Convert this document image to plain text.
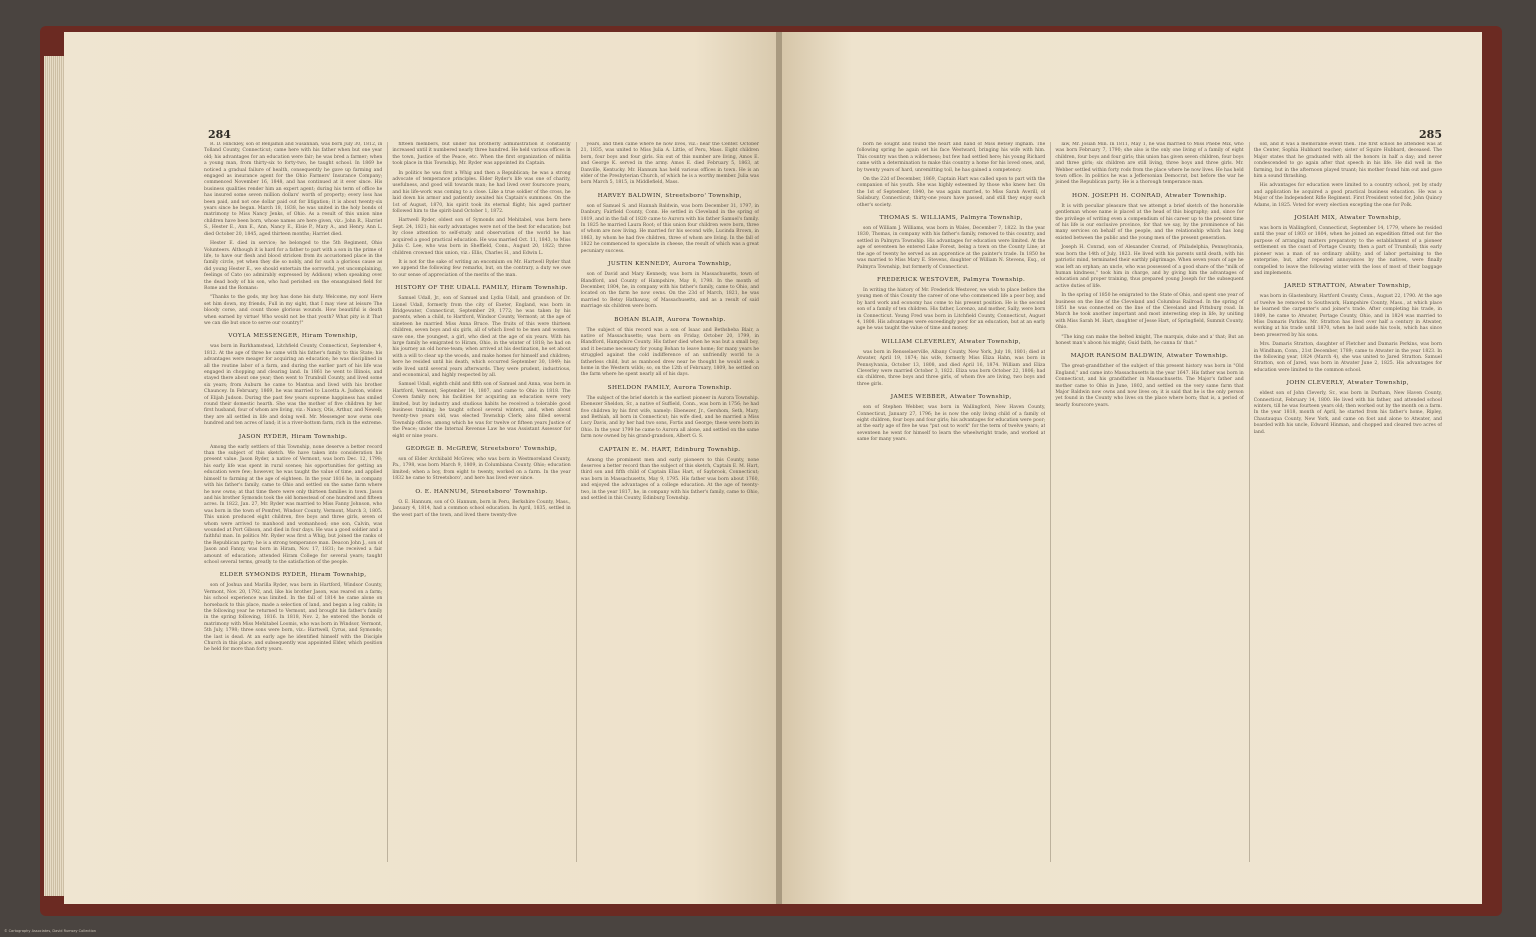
284

R. D. Hinckley, son of Benjamin and Susannah, was born July 30, 1812, in Tolland County, Connecticut; came here with his father when but one year old; his advantages for an education were fair; he was bred a farmer; when a young man, from thirty-six to forty-two, he taught school. In 1869 he noticed a gradual failure of health, consequently he gave up farming and engaged as insurance agent for the Ohio Farmers' Insurance Company; commenced November 16, 1848, and has continued at it ever since. His business qualities render him an expert agent; during his term of office he has insured some seven million dollars' worth of property; every loss has been paid, and not one dollar paid out for litigation; it is about twenty-six years since he began. March 18, 1838, he was united in the holy bonds of matrimony to Miss Nancy Jenks, of Ohio. As a result of this union nine children have been born, whose names are here given, viz.: John R., Harriet S., Hester E., Ann E., Ann, Nancy E., Elsie P., Mary A., and Henry. Ann L. died October 20, 1845, aged thirteen months; Harriet died.

Hester E. died in service; he belonged to the 5th Regiment, Ohio Volunteers. Although it is hard for a father to part with a son in the prime of life, to have our flesh and blood stricken from its accustomed place in the family circle, yet when they die so nobly, and for such a glorious cause as did young Hester E., we should entertain the sorrowful, yet uncomplaining, feelings of Cato (so admirably expressed by Addison) when speaking over the dead body of his son, who had perished on the ensanguined field for Rome and the Romans:

"Thanks to the gods, my boy has done his duty. Welcome, my son! Here set him down, my friends, Full in my sight, that I may view at leisure The bloody corse, and count those glorious wounds. How beautiful is death when earned by virtue! Who would not be that youth? What pity is it That we can die but once to serve our country!"

VOYLA MESSENGER, Hiram Township,

was born in Barkhamstead, Litchfield County, Connecticut, September 4, 1812. At the age of three he came with his father's family to this State; his advantages were meager for acquiring an education; he was disciplined in all the routine labor of a farm, and during the earlier part of his life was engaged in chopping and clearing land. In 1861 he went to Illinois, and stayed there about one year; then went to Trumbull County, and lived some six years; from Auburn he came to Mantua and lived with his brother Chauncey. In February, 1869, he was married to Lucetta A. Judson, widow of Elijah Judson. During the past few years supreme happiness has smiled round their domestic hearth. She was the mother of five children by her first husband, four of whom are living, viz.: Nancy, Otis, Arthur, and Newell; they are all settled in life and doing well. Mr. Messenger now owns one hundred and ten acres of land; it is a river-bottom farm, rich in the extreme.

JASON RYDER, Hiram Township.

Among the early settlers of this Township, none deserve a better record than the subject of this sketch. We have taken into consideration his present value. Jason Ryder, a native of Vermont, was born Dec. 12, 1798; his early life was spent in rural scenes; his opportunities for getting an education were few; however, he was taught the value of time, and applied himself to farming at the age of eighteen. In the year 1816 he, in company with his father's family, came to Ohio and settled on the same farm where he now owns; at that time there were only thirteen families in town. Jason and his brother Symonds took the old homestead of one hundred and fifteen acres. In 1822, Jan. 27, Mr. Ryder was married to Miss Fanny Johnson, who was born in the town of Pomfret, Windsor County, Vermont, March 3, 1805. This union produced eight children, five boys and three girls, seven of whom were arrived to manhood and womanhood; one son, Calvin, was wounded at Port Gibson, and died in four days. He was a good soldier and a faithful man. In politics Mr. Ryder was first a Whig, but joined the ranks of the Republican party; he is a strong temperance man. Deacon John J., son of Jason and Fanny, was born in Hiram, Nov. 17, 1831; he received a fair amount of education; attended Hiram College for several years; taught school several terms, greatly to the satisfaction of the people.

ELDER SYMONDS RYDER, Hiram Township,

son of Joshua and Marilla Ryder, was born in Hartford, Windsor County, Vermont, Nov. 20, 1792, and, like his brother Jason, was reared on a farm; his school experience was limited. In the fall of 1814 he came alone on horseback to this place, made a selection of land, and began a log cabin; in the following year he returned to Vermont, and brought his father's family in the spring following, 1816. In 1818, Nov. 2, he entered the bonds of matrimony with Miss Mehitabel Loomis, who was born in Windsor, Vermont, 5th July, 1798; three sons were born, viz.: Hartwell, Cyrus, and Symonds; the last is dead. At an early age he identified himself with the Disciple Church in this place, and subsequently was appointed Elder, which position he held for more than forty years.

fifteen members, but under his brotherly administration it constantly increased until it numbered nearly three hundred. He held various offices in the town, Justice of the Peace, etc. When the first organization of militia took place in this Township, Mr. Ryder was appointed its Captain.

In politics he was first a Whig and then a Republican; he was a strong advocate of temperance principles. Elder Ryder's life was one of charity, usefulness, and good will towards man; he had lived over fourscore years, and his life-work was coming to a close. Like a true soldier of the cross, he laid down his armor and patiently awaited his Captain's summons. On the 1st of August, 1870, his spirit took its eternal flight; his aged partner followed him to the spirit-land October 1, 1872.

Hartwell Ryder, oldest son of Symonds and Mehitabel, was born here Sept. 24, 1821; his early advantages were not of the best for education; but by close attention to self-study and observation of the world he has acquired a good practical education. He was married Oct. 11, 1843, to Miss Julia C. Lee, who was born in Sheffield, Conn., August 20, 1822; three children crowned this union, viz.: Ellis, Charles H., and Edwin L.

It is not for the sake of writing an encomium on Mr. Hartwell Ryder that we append the following few remarks, but, on the contrary, a duty we owe to our sense of appreciation of the merits of the man.

HISTORY OF THE UDALL FAMILY, Hiram Township.

Samuel Udall, Jr., son of Samuel and Lydia Udall, and grandson of Dr. Lionel Udall, formerly from the city of Exeter, England, was born in Bridgewater, Connecticut, September 29, 1772; he was taken by his parents, when a child, to Hartford, Windsor County, Vermont; at the age of nineteen he married Miss Anna Bruce. The fruits of this were thirteen children, seven boys and six girls, all of which lived to be men and women, save one, the youngest, a girl, who died at the age of six years. With his large family he emigrated to Hiram, Ohio, in the winter of 1818; he had on his journey an old horse-team; when arrived at his destination, he set about with a will to clear up the woods, and make homes for himself and children; here he resided until his death, which occurred September 30, 1849; his wife lived until several years afterwards. They were prudent, industrious, and economical, and highly respected by all.

Samuel Udall, eighth child and fifth son of Samuel and Anna, was born in Hartford, Vermont, September 14, 1807, and came to Ohio in 1818. The Cowen family now, his facilities for acquiring an education were very limited, but by industry and studious habits he received a tolerable good business training; he taught school several winters, and, when about twenty-two years old, was elected Township Clerk; also filled several Township offices, among which he was for twelve or fifteen years Justice of the Peace; under the Internal Revenue Law he was Assistant Assessor for eight or nine years.

GEORGE B. McGREW, Streetsboro' Township,

son of Elder Archibald McGrew, who was born in Westmoreland County, Pa., 1798, was born March 9, 1809, in Columbiana County, Ohio; education limited; when a boy, from eight to twenty, worked on a farm. In the year 1832 he came to Streetsboro', and here has lived ever since.

O. E. HANNUM, Streetsboro' Township.

O. E. Hannum, son of O. Hannum, born in Peru, Berkshire County, Mass., January 4, 1814, had a common school education. In April, 1835, settled in the west part of the town, and lived there twenty-five

years, and then came where he now lives, viz.: near the Center. October 21, 1835, was united to Miss Julia A. Little, of Peru, Mass. Eight children born, four boys and four girls. Six out of this number are living, Amos E. and George K. served in the army. Amos E. died February 5, 1863, at Danville, Kentucky. Mr. Hannum has held various offices in town. He is an elder of the Presbyterian Church, of which he is a worthy member. Julia was born March 5, 1815, in Middlefield, Mass.

HARVEY BALDWIN, Streetsboro' Township,

son of Samuel S. and Hannah Baldwin, was born December 31, 1797, in Danbury, Fairfield County, Conn. He settled in Cleveland in the spring of 1819, and in the fall of 1820 came to Aurora with his father Samuel's family. In 1825 he married Laura Root; of this union four children were born, three of whom are now living. He married for his second wife, Lucinda Brown, in 1863, by whom he had five children, three of whom are living. In the fall of 1822 he commenced to speculate in cheese, the result of which was a great pecuniary success.

JUSTIN KENNEDY, Aurora Township,

son of David and Mary Kennedy, was born in Massachusetts, town of Blandford, and County of Hampshire, May 8, 1798. In the month of December, 1804, he, in company with his father's family, came to Ohio, and located on the farm he now owns. On the 23d of March, 1821, he was married to Betsy Hathaway, of Massachusetts, and as a result of said marriage six children were born.

BOHAN BLAIR, Aurora Township.

The subject of this record was a son of Isaac and Bethsheba Blair, a native of Massachusetts; was born on Friday, October 20, 1799, in Blandford, Hampshire County. His father died when he was but a small boy, and it became necessary for young Bohan to leave home; for many years he struggled against the cold indifference of an unfriendly world to a fatherless child, but as manhood drew near he thought he would seek a home in the Western wilds; so, on the 12th of February, 1809, he settled on the farm where he spent nearly all of his days.

SHELDON FAMILY, Aurora Township.

The subject of the brief sketch is the earliest pioneer in Aurora Township. Ebenezer Sheldon, Sr., a native of Suffield, Conn., was born in 1756; he had five children by his first wife, namely: Ebenezer, Jr., Gershom, Seth, Mary, and Bethiah, all born in Connecticut; his wife died, and he married a Miss Lucy Davis, and by her had two sons, Fortis and George; these were born in Ohio. In the year 1799 he came to Aurora all alone, and settled on the same farm now owned by his grand-grandson, Albert G. S.

CAPTAIN E. M. HART, Edinburg Township.

Among the prominent men and early pioneers to this County, none deserves a better record than the subject of this sketch, Captain E. M. Hart, third son and fifth child of Captain Elias Hart, of Saybrook, Connecticut; was born in Massachusetts, May 9, 1795. His father was born about 1760, and enjoyed the advantages of a college education. At the age of twenty-two, in the year 1817, he, in company with his father's family, came to Ohio, and settled in this County, Edinburg Township.

285

born he sought and found the heart and hand of Miss Betsey Ingham. The following spring he again set his face Westward, bringing his wife with him. This country was then a wilderness; but few had settled here; his young Richard came with a determination to make this country a home for his loved ones, and, by twenty years of hard, unremitting toil, he has gained a competency.

On the 22d of December, 1869, Captain Hart was called upon to part with the companion of his youth. She was highly esteemed by those who knew her. On the 1st of September, 1840, he was again married, to Miss Sarah Averill, of Salisbury, Connecticut; thirty-one years have passed, and still they enjoy each other's society.

THOMAS S. WILLIAMS, Palmyra Township,

son of William J. Williams, was born in Wales, December 7, 1822. In the year 1830, Thomas, in company with his father's family, removed to this country, and settled in Palmyra Township. His advantages for education were limited. At the age of seventeen he entered Lake Forest, being a town on the County Line; at the age of twenty he served as an apprentice at the painter's trade. In 1850 he was married to Miss Mary E. Stevens, daughter of William N. Stevens, Esq., of Palmyra Township, but formerly of Connecticut.

FREDERICK WESTOVER, Palmyra Township.

In writing the history of Mr. Frederick Westover, we wish to place before the young men of this County the career of one who commenced life a poor boy, and by hard work and economy has come to his present position. He is the second son of a family of ten children. His father, Lorenzo, and mother, Sally, were born in Connecticut. Young Fred was born in Litchfield County, Connecticut, August 4, 1808. His advantages were exceedingly poor for an education, but at an early age he was taught the value of time and money.

WILLIAM CLEVERLEY, Atwater Township,

was born in Rensselaerville, Albany County, New York, July 18, 1801; died at Atwater, April 19, 1874; his wife, formerly Miss Eliza Hahn, was born in Pennsylvania, October 13, 1808, and died April 16, 1874. William and Eliza Cleverley were married October 3, 1822. Eliza was born October 22, 1806; had six children, three boys and three girls, of whom five are living, two boys and three girls.

JAMES WEBBER, Atwater Township,

son of Stephen Webber, was born in Wallingford, New Haven County, Connecticut, January 27, 1796; he is now the only living child of a family of eight children, four boys and four girls; his advantages for education were poor; at the early age of five he was "put out to work" for the term of twelve years; at seventeen he went for himself to learn the wheelwright trade, and worked at same for many years.

law, Mr. Josiah Min. In 1811, May 1, he was married to Miss Phebe Mix, who was born February 7, 1790; she also is the only one living of a family of eight children, four boys and four girls; this union has given seven children, four boys and three girls; six children are still living, three boys and three girls. Mr. Webber settled within forty rods from the place where he now lives. He has held town office. In politics he was a Jeffersonian Democrat, but before the war he joined the Republican party. He is a thorough temperance man.

HON. JOSEPH H. CONRAD, Atwater Township.

It is with peculiar pleasure that we attempt a brief sketch of the honorable gentleman whose name is placed at the head of this biography; and, since for the privilege of writing even a compendium of his career up to the present time of his life is our exclusive province, for that we say, by the prominence of his many services on behalf of the people, and the relationship which has long existed between the public and the young men of the present generation.

Joseph H. Conrad, son of Alexander Conrad, of Philadelphia, Pennsylvania, was born the 14th of July, 1823. He lived with his parents until death, with his patriotic mind, terminated their earthly pilgrimage. When seven years of age he was left an orphan; an uncle, who was possessed of a good share of the "milk of human kindness," took him in charge, and by giving him the advantages of education and proper training, thus prepared young Joseph for the subsequent active duties of life.

In the spring of 1850 he emigrated to the State of Ohio, and spent one year of business on the line of the Cleveland and Columbus Railroad. In the spring of 1851 he was connected on the line of the Cleveland and Pittsburg road. In March he took another important and most interesting step in life, by uniting with Miss Sarah M. Hart, daughter of Jesse Hart, of Springfield, Summit County, Ohio.

"The king can make the belted knight, The marquis, duke and a' that; But an honest man's aboon his might; Guid faith, he canna fa' that."

MAJOR RANSOM BALDWIN, Atwater Township.

The great-grandfather of the subject of this present history was born in "Old England," and came into Massachusetts in the year 1647. His father was born in Connecticut, and his grandfather in Massachusetts. The Major's father and mother came to Ohio in June, 1802, and settled on the very same farm that Major Baldwin now owns and now lives on; it is said that he is the only person yet found in the County who lives on the place where born; that is, a period of nearly fourscore years.

old, and it was a memorable event then. The first school he attended was at the Center, Sophia Hubbard teacher; sister of Squire Hubbard, deceased. The Major states that he graduated with all the honors in half a day; and never condescended to go again after that speech in his life. He did well in the farming, but in the afternoon played truant; his mother found him out and gave him a sound thrashing.

His advantages for education were limited to a country school, yet by study and application he acquired a good practical business education. He was a Major of the Independent Rifle Regiment. First President voted for, John Quincy Adams, in 1825. Voted for every election excepting the one for Polk.

JOSIAH MIX, Atwater Township,

was born in Wallingford, Connecticut, September 14, 1779, where he resided until the year of 1803 or 1804, when he joined an expedition fitted out for the purpose of arranging matters preparatory to the establishment of a pioneer settlement on the coast of Portage County, then a part of Trumbull; this early pioneer was a man of no ordinary ability; and of labor pertaining to the enterprise, but, after repeated annoyances by the natives, were finally compelled to leave the following winter with the loss of most of their baggage and implements.

JARED STRATTON, Atwater Township,

was born in Glastenbury, Hartford County, Conn., August 22, 1790. At the age of twelve he removed to Southwark, Hampshire County, Mass., at which place he learned the carpenter's and joiner's trade. After completing his trade, in 1809, he came to Atwater, Portage County, Ohio, and in 1824 was married to Miss Damaris Parkins. Mr. Stratton has lived over half a century in Atwater, working at his trade until 1870, when he laid aside his tools, which has since been preserved by his sons.

Mrs. Damaris Stratton, daughter of Fletcher and Damaris Perkins, was born in Windham, Conn., 21st December, 1789; came to Atwater in the year 1823. In the following year, 1824 (March 4), she was united to Jared Stratton. Samuel Stratton, son of Jared, was born in Atwater June 2, 1825. His advantages for education were limited to the common school.

JOHN CLEVERLY, Atwater Township,

eldest son of John Cleverly, Sr., was born in Durham, New Haven County, Connecticut, February 14, 1800. He lived with his father, and attended school winters, till he was fourteen years old; then worked out by the month on a farm. In the year 1818, month of April, he started from his father's home, Ripley, Chautauqua County, New York, and came on foot and alone to Atwater, and boarded with his uncle, Edward Hinman, and chopped and cleared two acres of land.

© Cartography Associates, David Rumsey Collection
